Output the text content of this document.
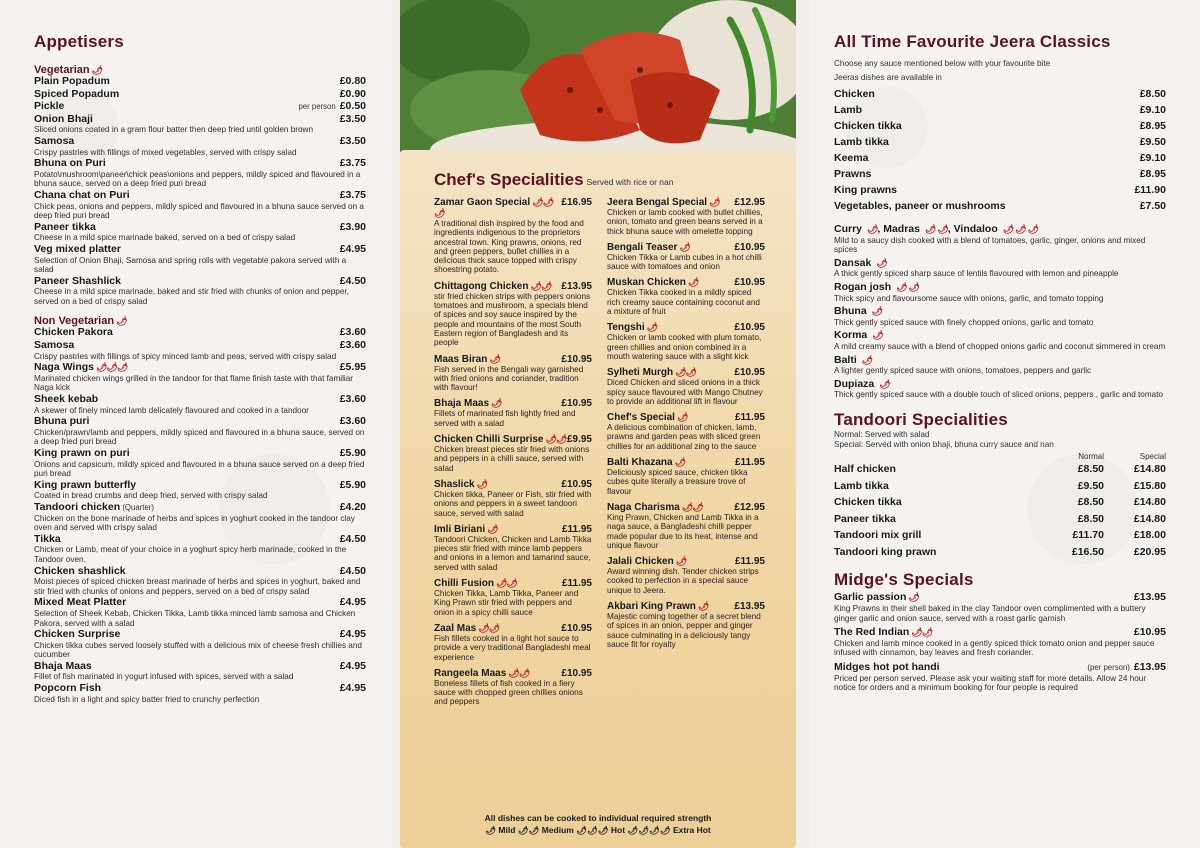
Appetisers
Vegetarian 🌶
Plain Popadum	£0.80
Spiced Popadum	£0.90
Pickle	per person £0.50
Onion Bhaji	£3.50
Sliced onions coated in a gram flour batter then deep fried until golden brown
Samosa	£3.50
Crispy pastries with fillings of mixed vegetables, served with crispy salad
Bhuna on Puri	£3.75
Potato\mushroom\paneer\chick peas\onions and peppers, mildly spiced and flavoured in a bhuna sauce, served on a deep fried puri bread
Chana chat on Puri	£3.75
Chick peas, onions and peppers, mildly spiced and flavoured in a bhuna sauce served on a deep fried puri bread
Paneer tikka	£3.90
Cheese in a mild spice marinade baked, served on a bed of crispy salad
Veg mixed platter	£4.95
Selection of Onion Bhaji, Samosa and spring rolls with vegetable pakora served with a salad
Paneer Shashlick	£4.50
Cheese in a mild spice marinade, baked and stir fried with chunks of onion and pepper, served on a bed of crispy salad
Non Vegetarian 🌶
Chicken Pakora	£3.60
Samosa	£3.60
Crispy pastries with fillings of spicy minced lamb and peas, served with crispy salad
Naga Wings 🌶🌶🌶	£5.95
Marinated chicken wings grilled in the tandoor for that flame finish taste with that familiar Naga kick
Sheek kebab	£3.60
A skewer of finely minced lamb delicately flavoured and cooked in a tandoor
Bhuna puri	£3.60
Chicken/prawn/lamb and peppers, mildly spiced and flavoured in a bhuna sauce, served on a deep fried puri bread
King prawn on puri	£5.90
Onions and capsicum, mildly spiced and flavoured in a bhuna sauce served on a deep fried puri bread
King prawn butterfly	£5.90
Coated in bread crumbs and deep fried, served with crispy salad
Tandoori chicken (Quarter)	£4.20
Chicken on the bone marinade of herbs and spices in yoghurt cooked in the tandoor clay oven and served with crispy salad
Tikka	£4.50
Chicken or Lamb, meat of your choice in a yoghurt spicy herb marinade, cooked in the Tandoor oven.
Chicken shashlick	£4.50
Moist pieces of spiced chicken breast marinade of herbs and spices in yoghurt, baked and stir fried with chunks of onions and peppers, served on a bed of crispy salad
Mixed Meat Platter	£4.95
Selection of Sheek Kebab, Chicken Tikka, Lamb tikka minced lamb samosa and Chicken Pakora, served with a salad
Chicken Surprise	£4.95
Chicken tikka cubes served loosely stuffed with a delicious mix of cheese fresh chillies and cucumber
Bhaja Maas	£4.95
Fillet of fish marinated in yogurt infused with spices, served with a salad
Popcorn Fish	£4.95
Diced fish in a light and spicy batter fried to crunchy perfection
Chef's Specialities Served with rice or nan
Zamar Gaon Special 🌶🌶🌶
£16.95
A traditional dish inspired by the food and ingredients indigenous to the proprietors ancestral town. King prawns, onions, red and green peppers, bullet chillies in a delicious thick sauce topped with crispy shoestring potato.
Chittagong Chicken 🌶🌶 £13.95
stir fried chicken strips with peppers onions tomatoes and mushroom, a specials blend of spices and soy sauce inspired by the people and mountains of the most South Eastern region of Bangladesh and its people
Maas Biran 🌶	£10.95
Fish served in the Bengali way garnished with fried onions and coriander, tradition with flavour!
Bhaja Maas 🌶	£10.95
Fillets of marinated fish lightly fried and served with a salad
Chicken Chilli Surprise 🌶🌶 £9.95
Chicken breast pieces stir fried with onions and peppers in a chilli sauce, served with salad
Shaslick 🌶	£10.95
Chicken tikka, Paneer or Fish, stir fried with onions and peppers in a sweet tandoori sauce, served with salad
Imli Biriani 🌶	£11.95
Tandoori Chicken, Chicken and Lamb Tikka pieces stir fried with mince lamb peppers and onions in a lemon and tamarind sauce, served with salad
Chilli Fusion 🌶🌶	£11.95
Chicken Tikka, Lamb Tikka, Paneer and King Prawn stir fried with peppers and onion in a spicy chilli sauce
Zaal Mas 🌶🌶	£10.95
Fish fillets cooked in a light hot sauce to provide a very traditional Bangladeshi meal experience
Rangeela Maas 🌶🌶	£10.95
Boneless fillets of fish cooked in a fiery sauce with chopped green chillies onions and peppers
Jeera Bengal Special 🌶 £12.95
Chicken or lamb cooked with bullet chillies, onion, tomato and green beans served in a thick bhuna sauce with omelette topping
Bengali Teaser 🌶	£10.95
Chicken Tikka or Lamb cubes in a hot chilli sauce with tomatoes and onion
Muskan Chicken 🌶	£10.95
Chicken Tikka cooked in a mildly spiced rich creamy sauce containing coconut and a mixture of fruit
Tengshi 🌶	£10.95
Chicken or lamb cooked with plum tomato, green chillies and onion combined in a mouth watering sauce with a slight kick
Sylheti Murgh 🌶🌶	£10.95
Diced Chicken and sliced onions in a thick spicy sauce flavoured with Mango Chutney to provide an additional lift in flavour
Chef's Special 🌶	£11.95
A delicious combination of chicken, lamb, prawns and garden peas with sliced green chillies for an additional zing to the sauce
Balti Khazana 🌶	£11.95
Deliciously spiced sauce, chicken tikka cubes quite literally a treasure trove of flavour
Naga Charisma 🌶🌶	£12.95
King Prawn, Chicken and Lamb Tikka in a naga sauce, a Bangladeshi chilli pepper made popular due to its heat, intense and unique flavour
Jalali Chicken 🌶	£11.95
Award winning dish. Tender chicken strips cooked to perfection in a special sauce unique to Jeera.
Akbari King Prawn 🌶	£13.95
Majestic coming together of a secret blend of spices in an onion, pepper and ginger sauce culminating in a deliciously tangy sauce fit for royalty
All dishes can be cooked to individual required strength
🌶 Mild 🌶🌶 Medium 🌶🌶🌶 Hot 🌶🌶🌶🌶 Extra Hot
All Time Favourite Jeera Classics
Choose any sauce mentioned below with your favourite bite
Jeeras dishes are available in
Chicken	£8.50
Lamb	£9.10
Chicken tikka	£8.95
Lamb tikka	£9.50
Keema	£9.10
Prawns	£8.95
King prawns	£11.90
Vegetables, paneer or mushrooms	£7.50
Curry 🌶, Madras 🌶 🌶, Vindaloo 🌶 🌶 🌶
Mild to a saucy dish cooked with a blend of tomatoes, garlic, ginger, onions and mixed spices
Dansak 🌶
A thick gently spiced sharp sauce of lentils flavoured with lemon and pineapple
Rogan josh 🌶 🌶
Thick spicy and flavoursome sauce with onions, garlic, and tomato topping
Bhuna 🌶
Thick gently spiced sauce with finely chopped onions, garlic and tomato
Korma 🌶
A mild creamy sauce with a blend of chopped onions garlic and coconut simmered in cream
Balti 🌶
A lighter gently spiced sauce with onions, tomatoes, peppers and garlic
Dupiaza 🌶
Thick gently spiced sauce with a double touch of sliced onions, peppers , garlic and tomato
Tandoori Specialities
Normal: Served with salad
Special: Served with onion bhaji, bhuna curry sauce and nan
Normal	Special
Half chicken	£8.50	£14.80
Lamb tikka	£9.50	£15.80
Chicken tikka	£8.50	£14.80
Paneer tikka	£8.50	£14.80
Tandoori mix grill	£11.70	£18.00
Tandoori king prawn	£16.50	£20.95
Midge's Specials
Garlic passion 🌶	£13.95
King Prawns in their shell baked in the clay Tandoor oven complimented with a buttery ginger garlic and onion sauce, served with a roast garlic garnish
The Red Indian 🌶🌶	£10.95
Chicken and lamb mince cooked in a gently spiced thick tomato onion and pepper sauce infused with cinnamon, bay leaves and fresh coriander.
Midges hot pot handi	(per person) £13.95
Priced per person served. Please ask your waiting staff for more details. Allow 24 hour notice for orders and a minimum booking for four people is required
